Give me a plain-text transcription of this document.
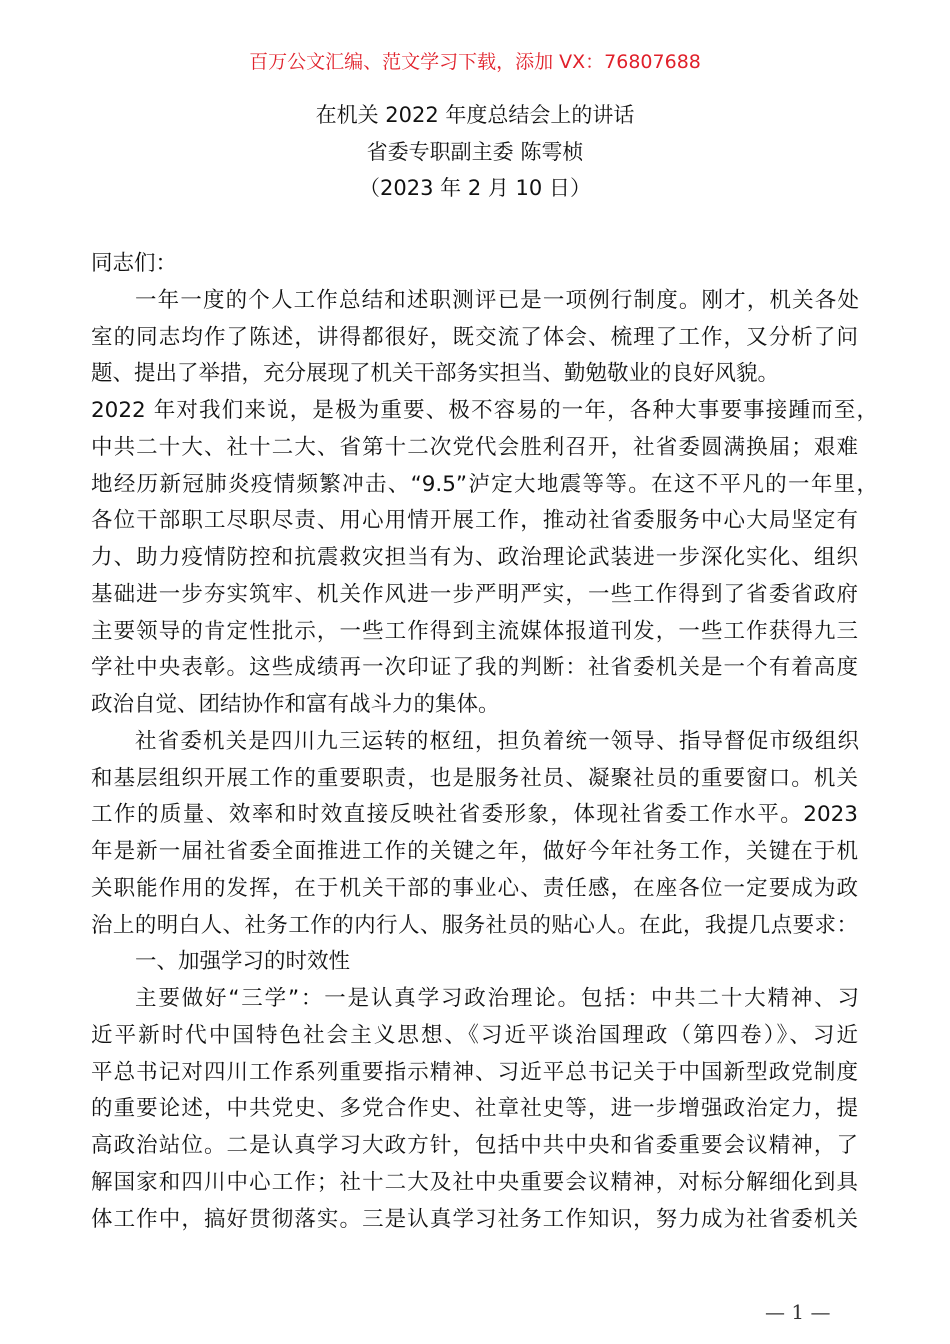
百万公文汇编、范文学习下载，添加 VX：76807688
在机关 2022 年度总结会上的讲话
省委专职副主委 陈雩桢
（2023 年 2 月 10 日）
同志们：
一年一度的个人工作总结和述职测评已是一项例行制度。刚才，机关各处
室的同志均作了陈述，讲得都很好，既交流了体会、梳理了工作，又分析了问
题、提出了举措，充分展现了机关干部务实担当、勤勉敬业的良好风貌。
2022 年对我们来说，是极为重要、极不容易的一年，各种大事要事接踵而至，
中共二十大、社十二大、省第十二次党代会胜利召开，社省委圆满换届；艰难
地经历新冠肺炎疫情频繁冲击、“9.5”泸定大地震等等。在这不平凡的一年里，
各位干部职工尽职尽责、用心用情开展工作，推动社省委服务中心大局坚定有
力、助力疫情防控和抗震救灾担当有为、政治理论武装进一步深化实化、组织
基础进一步夯实筑牢、机关作风进一步严明严实，一些工作得到了省委省政府
主要领导的肯定性批示，一些工作得到主流媒体报道刊发，一些工作获得九三
学社中央表彰。这些成绩再一次印证了我的判断：社省委机关是一个有着高度
政治自觉、团结协作和富有战斗力的集体。
社省委机关是四川九三运转的枢纽，担负着统一领导、指导督促市级组织
和基层组织开展工作的重要职责，也是服务社员、凝聚社员的重要窗口。机关
工作的质量、效率和时效直接反映社省委形象，体现社省委工作水平。2023
年是新一届社省委全面推进工作的关键之年，做好今年社务工作，关键在于机
关职能作用的发挥，在于机关干部的事业心、责任感，在座各位一定要成为政
治上的明白人、社务工作的内行人、服务社员的贴心人。在此，我提几点要求：
一、加强学习的时效性
主要做好“三学”：一是认真学习政治理论。包括：中共二十大精神、习
近平新时代中国特色社会主义思想、《习近平谈治国理政（第四卷）》、习近
平总书记对四川工作系列重要指示精神、习近平总书记关于中国新型政党制度
的重要论述，中共党史、多党合作史、社章社史等，进一步增强政治定力，提
高政治站位。二是认真学习大政方针，包括中共中央和省委重要会议精神，了
解国家和四川中心工作；社十二大及社中央重要会议精神，对标分解细化到具
体工作中，搞好贯彻落实。三是认真学习社务工作知识，努力成为社省委机关
— 1 —
